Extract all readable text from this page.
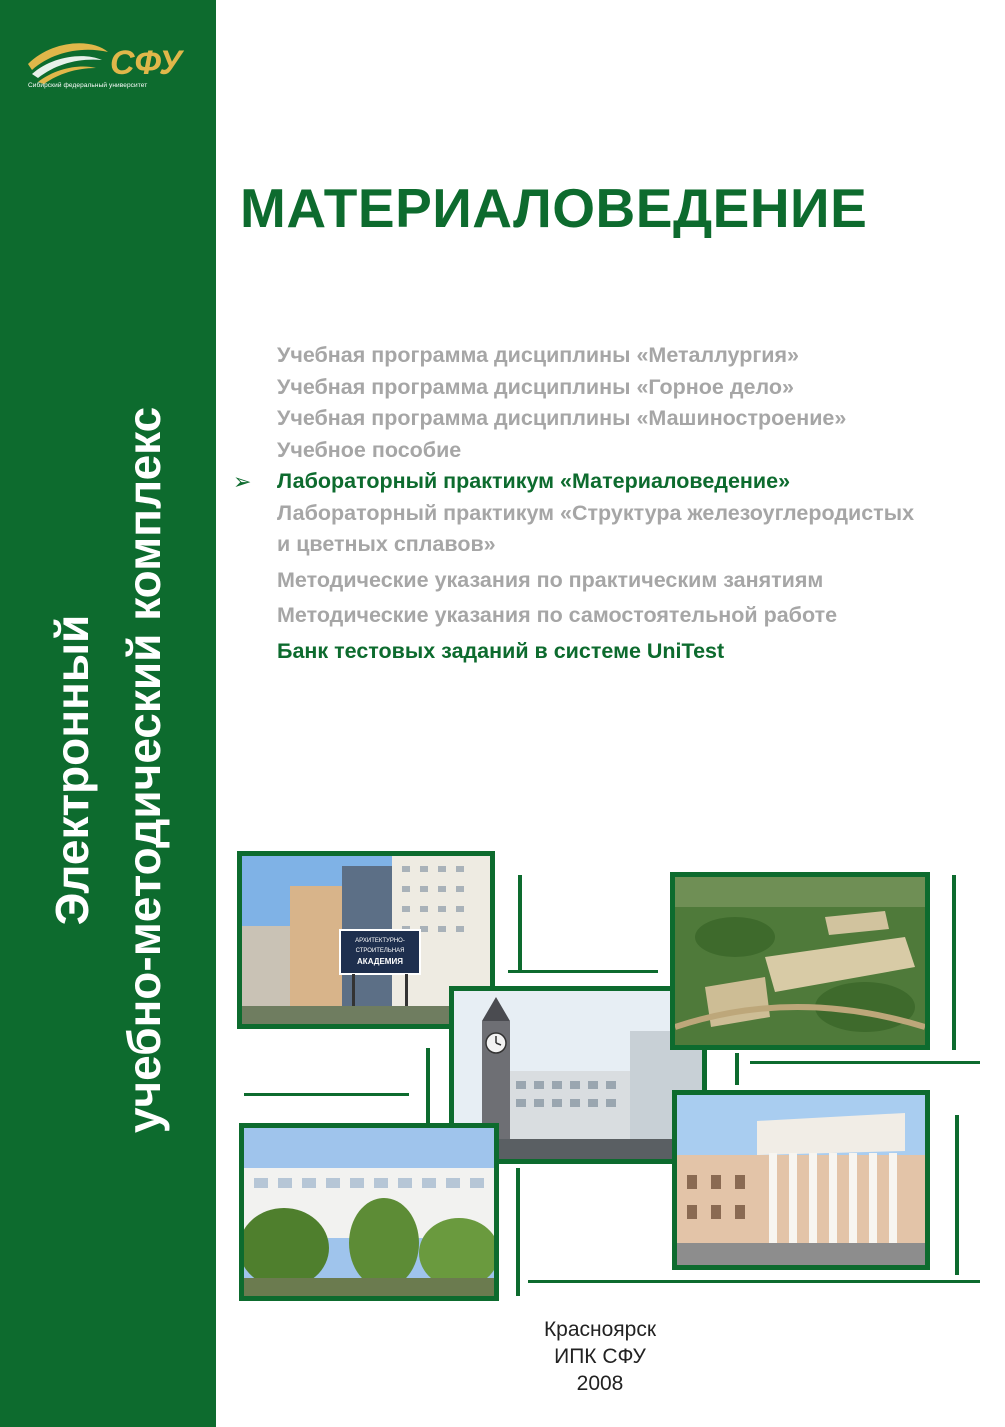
СФУ
Сибирский федеральный университет
Электронный учебно-методический комплекс
МАТЕРИАЛОВЕДЕНИЕ
Учебная программа дисциплины «Металлургия»
Учебная программа дисциплины «Горное дело»
Учебная программа дисциплины «Машиностроение»
Учебное пособие
➢ Лабораторный практикум «Материаловедение»
Лабораторный практикум «Структура железоуглеродистых
и цветных сплавов»
Методические указания по практическим занятиям
Методические указания по самостоятельной работе
Банк тестовых заданий в системе UniTest
АРХИТЕКТУРНО-
СТРОИТЕЛЬНАЯ
АКАДЕМИЯ
Красноярск
ИПК СФУ
2008
